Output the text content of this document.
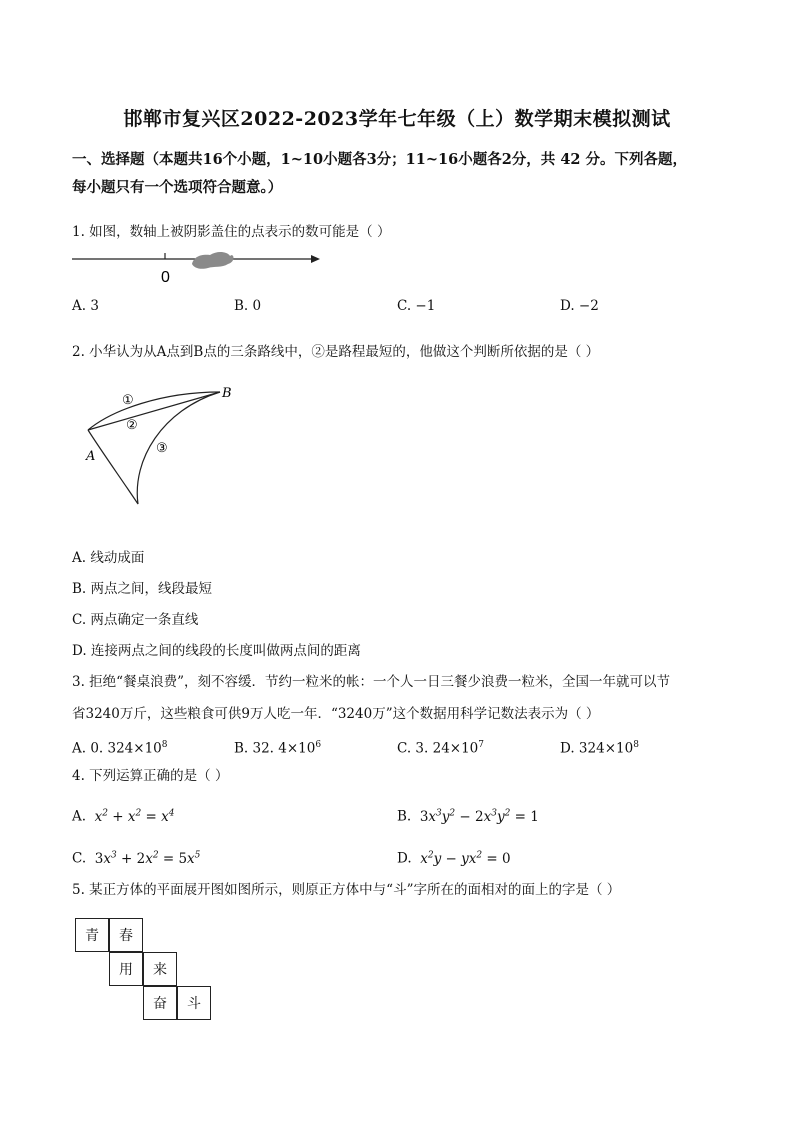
邯郸市复兴区2022-2023学年七年级（上）数学期末模拟测试
一、选择题（本题共16个小题，1~10小题各3分；11~16小题各2分，共 42 分。下列各题，
每小题只有一个选项符合题意。）
1. 如图，数轴上被阴影盖住的点表示的数可能是（ ）
0
A. 3	B. 0	C. −1	D. −2
2. 小华认为从A点到B点的三条路线中，②是路程最短的，他做这个判断所依据的是（ ）
B
A
①
②
③
A. 线动成面
B. 两点之间，线段最短
C. 两点确定一条直线
D. 连接两点之间的线段的长度叫做两点间的距离
3. 拒绝“餐桌浪费”，刻不容缓．节约一粒米的帐：一个人一日三餐少浪费一粒米，全国一年就可以节
省3240万斤，这些粮食可供9万人吃一年．“3240万”这个数据用科学记数法表示为（ ）
A. 0. $324\times 10^8$	B. 32. $4\times 10^6$	C. 3. $24\times 10^7$	D. $324\times 10^8$
4. 下列运算正确的是（ ）
A.  $x^2 + x^2 = x^4$	B. $3x^3y^2 - 2x^3y^2 = 1$
C. $3x^3 + 2x^2 = 5x^5$	D.  $x^2y - yx^2 = 0$
5. 某正方体的平面展开图如图所示，则原正方体中与“斗”字所在的面相对的面上的字是（ ）
青	春
用	来
奋	斗
